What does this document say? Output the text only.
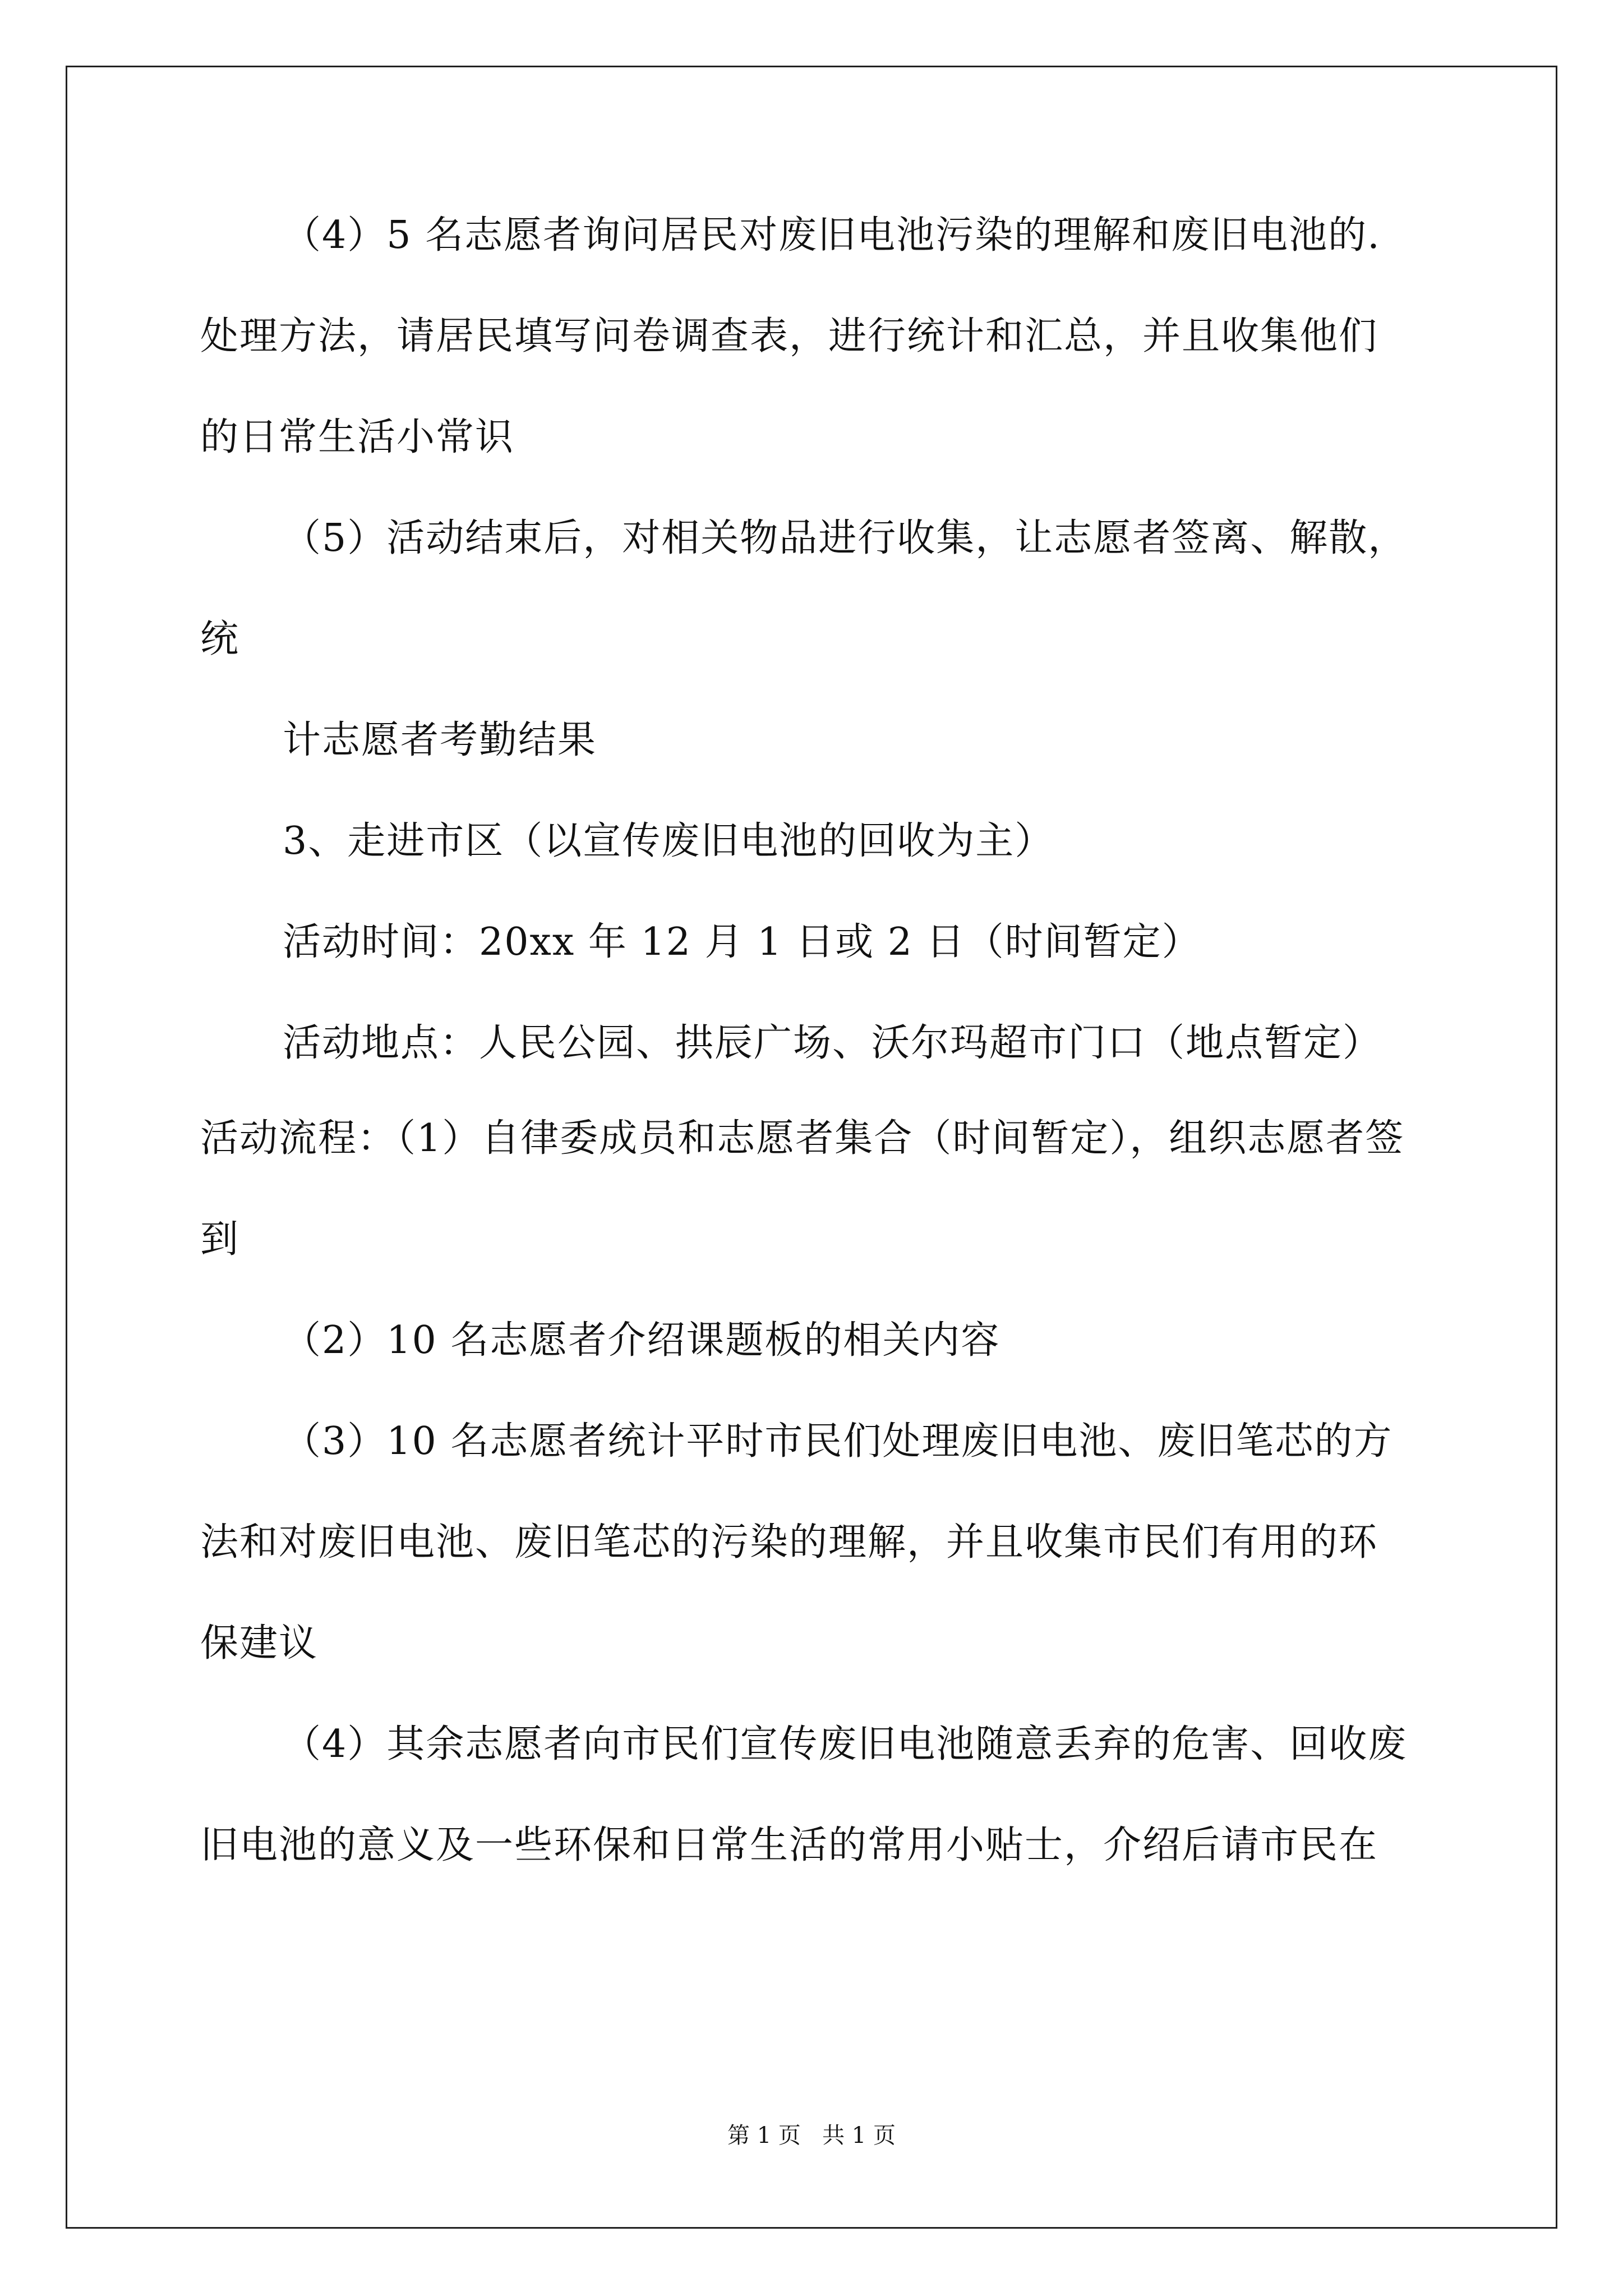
（4）5 名志愿者询问居民对废旧电池污染的理解和废旧电池的.
处理方法，请居民填写问卷调查表，进行统计和汇总，并且收集他们
的日常生活小常识
（5）活动结束后，对相关物品进行收集，让志愿者签离、解散，
统
计志愿者考勤结果
3、走进市区（以宣传废旧电池的回收为主）
活动时间：20xx 年 12 月 1 日或 2 日（时间暂定）
活动地点：人民公园、拱辰广场、沃尔玛超市门口（地点暂定）
活动流程：（1）自律委成员和志愿者集合（时间暂定），组织志愿者签
到
（2）10 名志愿者介绍课题板的相关内容
（3）10 名志愿者统计平时市民们处理废旧电池、废旧笔芯的方
法和对废旧电池、废旧笔芯的污染的理解，并且收集市民们有用的环
保建议
（4）其余志愿者向市民们宣传废旧电池随意丢弃的危害、回收废
旧电池的意义及一些环保和日常生活的常用小贴士，介绍后请市民在
第 1 页   共 1 页
